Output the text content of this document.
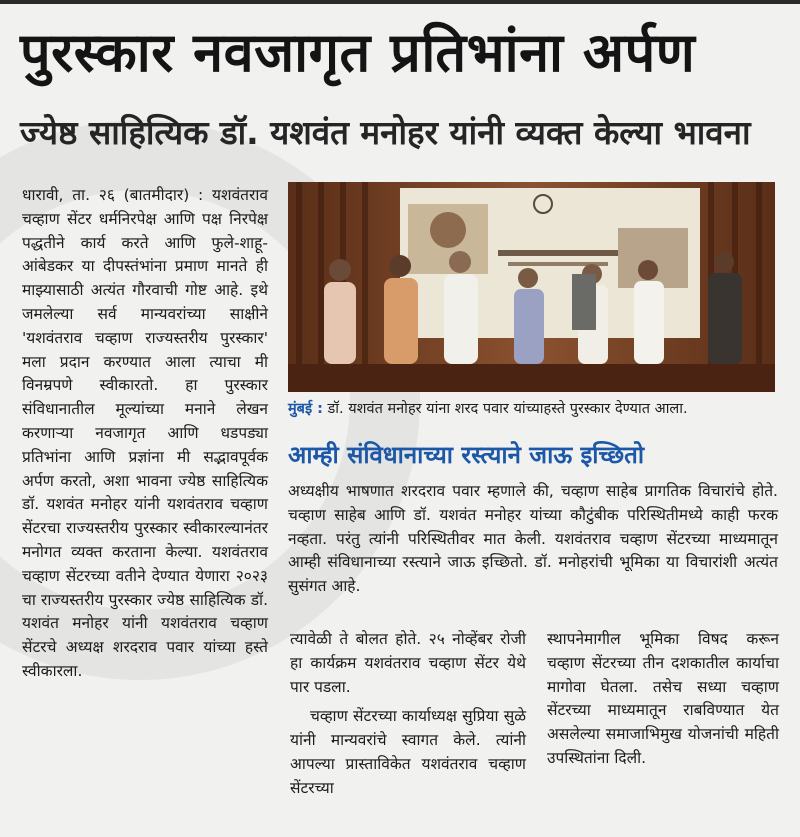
पुरस्कार नवजागृत प्रतिभांना अर्पण
ज्येष्ठ साहित्यिक डॉ. यशवंत मनोहर यांनी व्यक्त केल्या भावना

धारावी, ता. २६ (बातमीदार) : यशवंतराव चव्हाण सेंटर धर्मनिरपेक्ष आणि पक्ष निरपेक्ष पद्धतीने कार्य करते आणि फुले-शाहू-आंबेडकर या दीपस्तंभांना प्रमाण मानते ही माझ्यासाठी अत्यंत गौरवाची गोष्ट आहे. इथे जमलेल्या सर्व मान्यवरांच्या साक्षीने 'यशवंतराव चव्हाण राज्यस्तरीय पुरस्कार' मला प्रदान करण्यात आला त्याचा मी विनम्रपणे स्वीकारतो. हा पुरस्कार संविधानातील मूल्यांच्या मनाने लेखन करणाऱ्या नवजागृत आणि धडपड्या प्रतिभांना आणि प्रज्ञांना मी सद्भावपूर्वक अर्पण करतो, अशा भावना ज्येष्ठ साहित्यिक डॉ. यशवंत मनोहर यांनी यशवंतराव चव्हाण सेंटरचा राज्यस्तरीय पुरस्कार स्वीकारल्यानंतर मनोगत व्यक्त करताना केल्या. यशवंतराव चव्हाण सेंटरच्या वतीने देण्यात येणारा २०२३ चा राज्यस्तरीय पुरस्कार ज्येष्ठ साहित्यिक डॉ. यशवंत मनोहर यांनी यशवंतराव चव्हाण सेंटरचे अध्यक्ष शरदराव पवार यांच्या हस्ते स्वीकारला.

मुंबई : डॉ. यशवंत मनोहर यांना शरद पवार यांच्याहस्ते पुरस्कार देण्यात आला.
आम्ही संविधानाच्या रस्त्याने जाऊ इच्छितो

अध्यक्षीय भाषणात शरदराव पवार म्हणाले की, चव्हाण साहेब प्रागतिक विचारांचे होते. चव्हाण साहेब आणि डॉ. यशवंत मनोहर यांच्या कौटुंबीक परिस्थितीमध्ये काही फरक नव्हता. परंतु त्यांनी परिस्थितीवर मात केली. यशवंतराव चव्हाण सेंटरच्या माध्यमातून आम्ही संविधानाच्या रस्त्याने जाऊ इच्छितो. डॉ. मनोहरांची भूमिका या विचारांशी अत्यंत सुसंगत आहे.

त्यावेळी ते बोलत होते. २५ नोव्हेंबर रोजी हा कार्यक्रम यशवंतराव चव्हाण सेंटर येथे पार पडला.

चव्हाण सेंटरच्या कार्याध्यक्ष सुप्रिया सुळे यांनी मान्यवरांचे स्वागत केले. त्यांनी आपल्या प्रास्ताविकेत यशवंतराव चव्हाण सेंटरच्या

स्थापनेमागील भूमिका विषद करून चव्हाण सेंटरच्या तीन दशकातील कार्याचा मागोवा घेतला. तसेच सध्या चव्हाण सेंटरच्या माध्यमातून राबविण्यात येत असलेल्या समाजाभिमुख योजनांची महिती उपस्थितांना दिली.
